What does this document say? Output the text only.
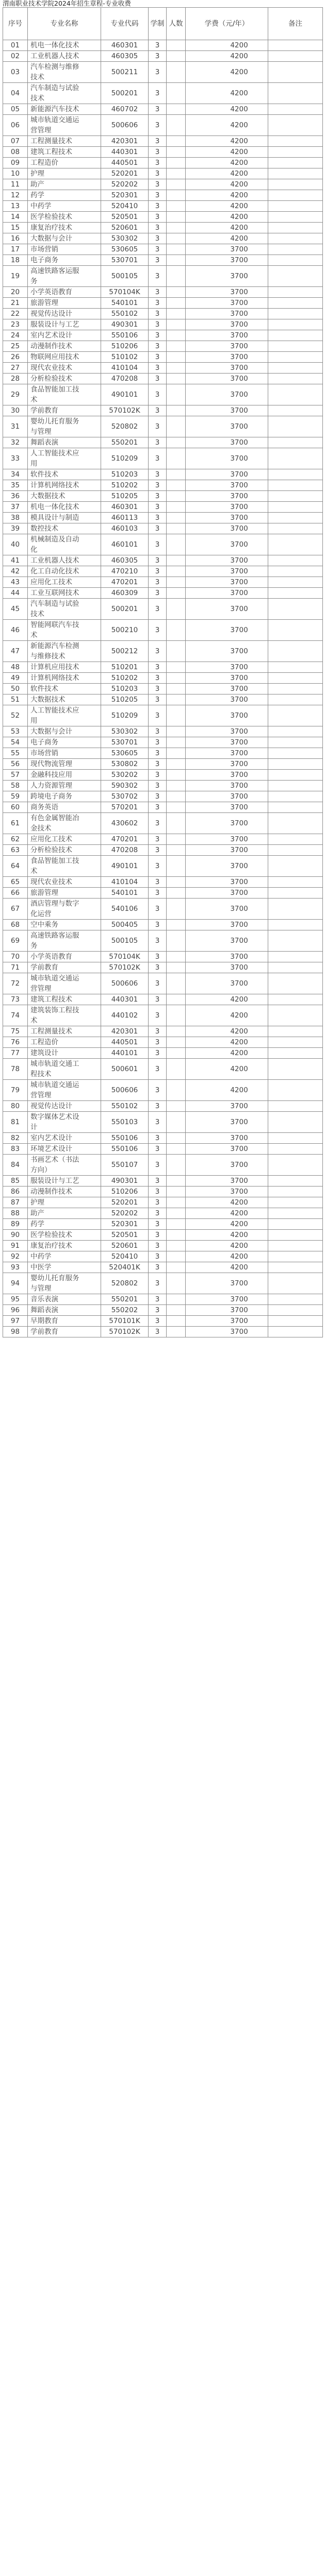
渭南职业技术学院2024年招生章程-专业收费
序号	专业名称	专业代码	学制	人数	学费（元/年）	备注
01	机电一体化技术	460301	3		4200	
02	工业机器人技术	460305	3		4200	
03	汽车检测与维修技术	500211	3		4200	
04	汽车制造与试验技术	500201	3		4200	
05	新能源汽车技术	460702	3		4200	
06	城市轨道交通运营管理	500606	3		4200	
07	工程测量技术	420301	3		4200	
08	建筑工程技术	440301	3		4200	
09	工程造价	440501	3		4200	
10	护理	520201	3		4200	
11	助产	520202	3		4200	
12	药学	520301	3		4200	
13	中药学	520410	3		4200	
14	医学检验技术	520501	3		4200	
15	康复治疗技术	520601	3		4200	
16	大数据与会计	530302	3		4200	
17	市场营销	530605	3		3700	
18	电子商务	530701	3		3700	
19	高速铁路客运服务	500105	3		3700	
20	小学英语教育	570104K	3		3700	
21	旅游管理	540101	3		3700	
22	视觉传达设计	550102	3		3700	
23	服装设计与工艺	490301	3		3700	
24	室内艺术设计	550106	3		3700	
25	动漫制作技术	510206	3		3700	
26	物联网应用技术	510102	3		3700	
27	现代农业技术	410104	3		3700	
28	分析检验技术	470208	3		3700	
29	食品智能加工技术	490101	3		3700	
30	学前教育	570102K	3		3700	
31	婴幼儿托育服务与管理	520802	3		3700	
32	舞蹈表演	550201	3		3700	
33	人工智能技术应用	510209	3		3700	
34	软件技术	510203	3		3700	
35	计算机网络技术	510202	3		3700	
36	大数据技术	510205	3		3700	
37	机电一体化技术	460301	3		3700	
38	模具设计与制造	460113	3		3700	
39	数控技术	460103	3		3700	
40	机械制造及自动化	460101	3		3700	
41	工业机器人技术	460305	3		3700	
42	化工自动化技术	470210	3		3700	
43	应用化工技术	470201	3		3700	
44	工业互联网技术	460309	3		3700	
45	汽车制造与试验技术	500201	3		3700	
46	智能网联汽车技术	500210	3		3700	
47	新能源汽车检测与维修技术	500212	3		3700	
48	计算机应用技术	510201	3		3700	
49	计算机网络技术	510202	3		3700	
50	软件技术	510203	3		3700	
51	大数据技术	510205	3		3700	
52	人工智能技术应用	510209	3		3700	
53	大数据与会计	530302	3		3700	
54	电子商务	530701	3		3700	
55	市场营销	530605	3		3700	
56	现代物流管理	530802	3		3700	
57	金融科技应用	530202	3		3700	
58	人力资源管理	590302	3		3700	
59	跨境电子商务	530702	3		3700	
60	商务英语	570201	3		3700	
61	有色金属智能冶金技术	430602	3		3700	
62	应用化工技术	470201	3		3700	
63	分析检验技术	470208	3		3700	
64	食品智能加工技术	490101	3		3700	
65	现代农业技术	410104	3		3700	
66	旅游管理	540101	3		3700	
67	酒店管理与数字化运营	540106	3		3700	
68	空中乘务	500405	3		3700	
69	高速铁路客运服务	500105	3		3700	
70	小学英语教育	570104K	3		3700	
71	学前教育	570102K	3		3700	
72	城市轨道交通运营管理	500606	3		3700	
73	建筑工程技术	440301	3		4200	
74	建筑装饰工程技术	440102	3		4200	
75	工程测量技术	420301	3		4200	
76	工程造价	440501	3		4200	
77	建筑设计	440101	3		4200	
78	城市轨道交通工程技术	500601	3		4200	
79	城市轨道交通运营管理	500606	3		4200	
80	视觉传达设计	550102	3		3700	
81	数字媒体艺术设计	550103	3		3700	
82	室内艺术设计	550106	3		3700	
83	环境艺术设计	550106	3		3700	
84	书画艺术（书法方向）	550107	3		3700	
85	服装设计与工艺	490301	3		3700	
86	动漫制作技术	510206	3		3700	
87	护理	520201	3		4200	
88	助产	520202	3		4200	
89	药学	520301	3		4200	
90	医学检验技术	520501	3		4200	
91	康复治疗技术	520601	3		4200	
92	中药学	520410	3		4200	
93	中医学	520401K	3		4200	
94	婴幼儿托育服务与管理	520802	3		3700	
95	音乐表演	550201	3		3700	
96	舞蹈表演	550202	3		3700	
97	早期教育	570101K	3		3700	
98	学前教育	570102K	3		3700	
